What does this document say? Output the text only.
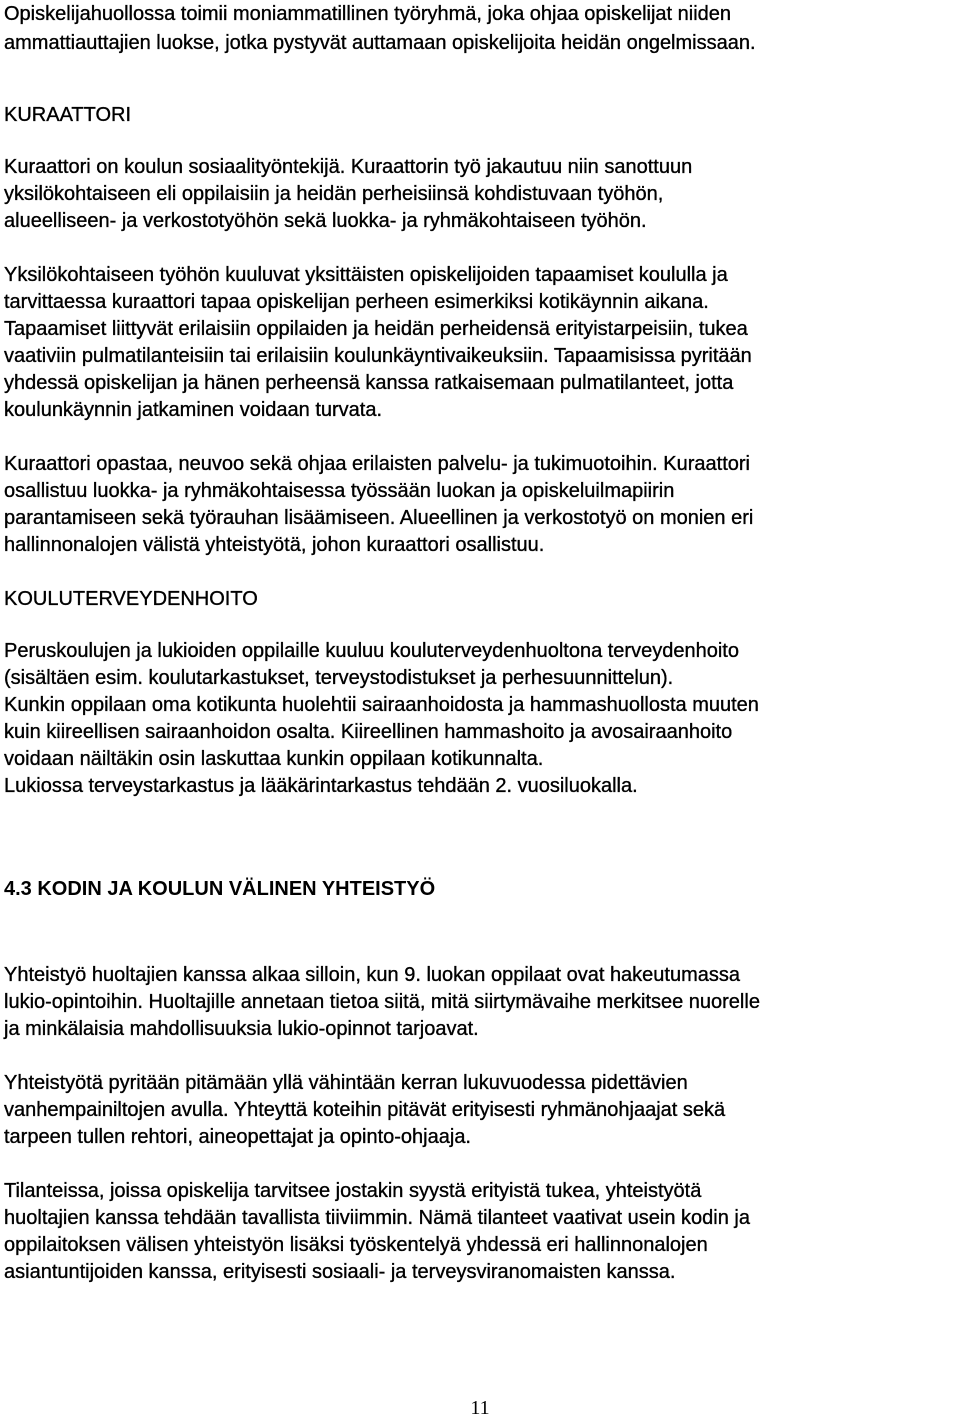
Opiskelijahuollossa toimii moniammatillinen työryhmä, joka ohjaa opiskelijat niiden
ammattiauttajien luokse, jotka pystyvät auttamaan opiskelijoita heidän ongelmissaan.
KURAATTORI
Kuraattori on koulun sosiaalityöntekijä. Kuraattorin työ jakautuu niin sanottuun
yksilökohtaiseen eli oppilaisiin ja heidän perheisiinsä kohdistuvaan työhön,
alueelliseen- ja verkostotyöhön sekä luokka- ja ryhmäkohtaiseen työhön.
Yksilökohtaiseen työhön kuuluvat yksittäisten opiskelijoiden tapaamiset koululla ja
tarvittaessa kuraattori tapaa opiskelijan perheen esimerkiksi kotikäynnin aikana.
Tapaamiset liittyvät erilaisiin oppilaiden ja heidän perheidensä erityistarpeisiin, tukea
vaativiin pulmatilanteisiin tai erilaisiin koulunkäyntivaikeuksiin. Tapaamisissa pyritään
yhdessä opiskelijan ja hänen perheensä kanssa ratkaisemaan pulmatilanteet, jotta
koulunkäynnin jatkaminen voidaan turvata.
Kuraattori opastaa, neuvoo sekä ohjaa erilaisten palvelu- ja tukimuotoihin. Kuraattori
osallistuu luokka- ja ryhmäkohtaisessa työssään luokan ja opiskeluilmapiirin
parantamiseen sekä työrauhan lisäämiseen. Alueellinen ja verkostotyö on monien eri
hallinnonalojen välistä yhteistyötä, johon kuraattori osallistuu.
KOULUTERVEYDENHOITO
Peruskoulujen ja lukioiden oppilaille kuuluu kouluterveydenhuoltona terveydenhoito
(sisältäen esim. koulutarkastukset, terveystodistukset ja perhesuunnittelun).
Kunkin oppilaan oma kotikunta huolehtii sairaanhoidosta ja hammashuollosta muuten
kuin kiireellisen sairaanhoidon osalta. Kiireellinen hammashoito ja avosairaanhoito
voidaan näiltäkin osin laskuttaa kunkin oppilaan kotikunnalta.
Lukiossa terveystarkastus ja lääkärintarkastus tehdään 2. vuosiluokalla.
4.3 KODIN JA KOULUN VÄLINEN YHTEISTYÖ
Yhteistyö huoltajien kanssa alkaa silloin, kun 9. luokan oppilaat ovat hakeutumassa
lukio-opintoihin. Huoltajille annetaan tietoa siitä, mitä siirtymävaihe merkitsee nuorelle
ja minkälaisia mahdollisuuksia lukio-opinnot tarjoavat.
Yhteistyötä pyritään pitämään yllä vähintään kerran lukuvuodessa pidettävien
vanhempainiltojen avulla. Yhteyttä koteihin pitävät erityisesti ryhmänohjaajat sekä
tarpeen tullen rehtori, aineopettajat ja opinto-ohjaaja.
Tilanteissa, joissa opiskelija tarvitsee jostakin syystä erityistä tukea, yhteistyötä
huoltajien kanssa tehdään tavallista tiiviimmin. Nämä tilanteet vaativat usein kodin ja
oppilaitoksen välisen yhteistyön lisäksi työskentelyä yhdessä eri hallinnonalojen
asiantuntijoiden kanssa, erityisesti sosiaali- ja terveysviranomaisten kanssa.
11
